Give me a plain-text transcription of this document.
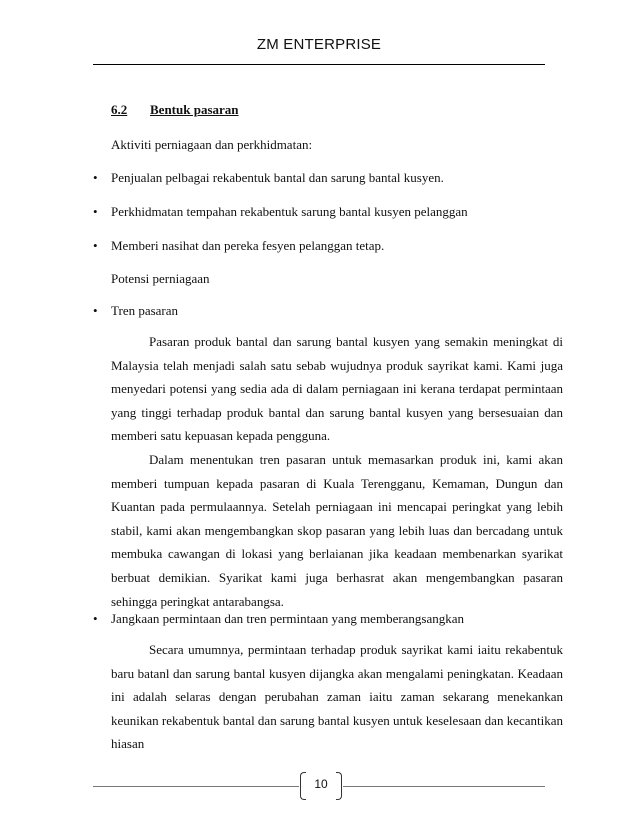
ZM ENTERPRISE
6.2 Bentuk pasaran
Aktiviti perniagaan dan perkhidmatan:
• Penjualan pelbagai rekabentuk bantal dan sarung bantal kusyen.
• Perkhidmatan tempahan rekabentuk sarung bantal kusyen pelanggan
• Memberi nasihat dan pereka fesyen pelanggan tetap.
Potensi perniagaan
• Tren pasaran
Pasaran produk bantal dan sarung bantal kusyen yang semakin meningkat di Malaysia telah menjadi salah satu sebab wujudnya produk sayrikat kami. Kami juga menyedari potensi yang sedia ada di dalam perniagaan ini kerana terdapat permintaan yang tinggi terhadap produk bantal dan sarung bantal kusyen yang bersesuaian dan memberi satu kepuasan kepada pengguna.
Dalam menentukan tren pasaran untuk memasarkan produk ini, kami akan memberi tumpuan kepada pasaran di Kuala Terengganu, Kemaman, Dungun dan Kuantan pada permulaannya. Setelah perniagaan ini mencapai peringkat yang lebih stabil, kami akan mengembangkan skop pasaran yang lebih luas dan bercadang untuk membuka cawangan di lokasi yang berlaianan jika keadaan membenarkan syarikat berbuat demikian. Syarikat kami juga berhasrat akan mengembangkan pasaran sehingga peringkat antarabangsa.
• Jangkaan permintaan dan tren permintaan yang memberangsangkan
Secara umumnya, permintaan terhadap produk sayrikat kami iaitu rekabentuk baru batanl dan sarung bantal kusyen dijangka akan mengalami peningkatan. Keadaan ini adalah selaras dengan perubahan zaman iaitu zaman sekarang menekankan keunikan rekabentuk bantal dan sarung bantal kusyen untuk keselesaan dan kecantikan hiasan
10
